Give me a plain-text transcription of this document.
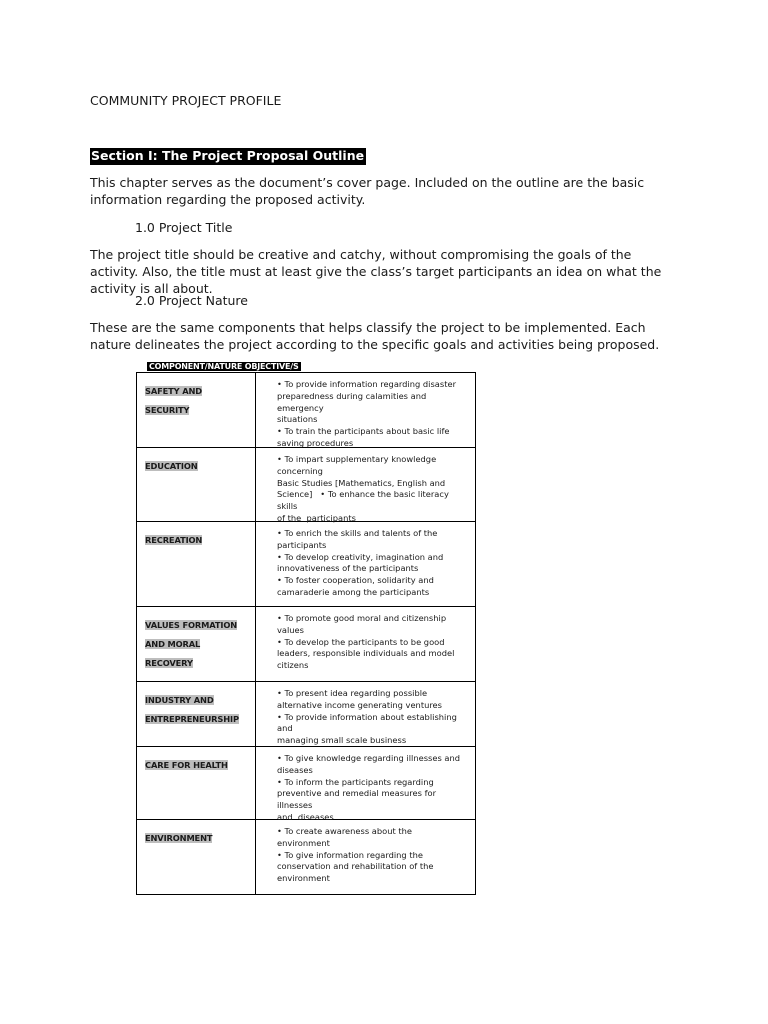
COMMUNITY PROJECT PROFILE
Section I: The Project Proposal Outline
This chapter serves as the document’s cover page. Included on the outline are the basic information regarding the proposed activity.
1.0 Project Title
The project title should be creative and catchy, without compromising the goals of the activity. Also, the title must at least give the class’s target participants an idea on what the activity is all about.
2.0 Project Nature
These are the same components that helps classify the project to be implemented. Each nature delineates the project according to the specific goals and activities being proposed.
COMPONENT/NATURE OBJECTIVE/S
SAFETY AND SECURITY
• To provide information regarding disaster
preparedness during calamities and emergency
situations
• To train the participants about basic life
saving procedures
EDUCATION
• To impart supplementary knowledge
concerning
Basic Studies [Mathematics, English and
Science]   • To enhance the basic literacy skills
of the  participants
RECREATION
• To enrich the skills and talents of the
participants
• To develop creativity, imagination and
innovativeness of the participants
• To foster cooperation, solidarity and
camaraderie among the participants
VALUES FORMATION AND MORAL RECOVERY
• To promote good moral and citizenship
values
• To develop the participants to be good
leaders, responsible individuals and model
citizens
INDUSTRY AND ENTREPRENEURSHIP
• To present idea regarding possible
alternative income generating ventures
• To provide information about establishing  and
managing small scale business
CARE FOR HEALTH
• To give knowledge regarding illnesses and
diseases
• To inform the participants regarding
preventive and remedial measures for illnesses
and  diseases
ENVIRONMENT
• To create awareness about the
environment
• To give information regarding the
conservation and rehabilitation of the
environment
